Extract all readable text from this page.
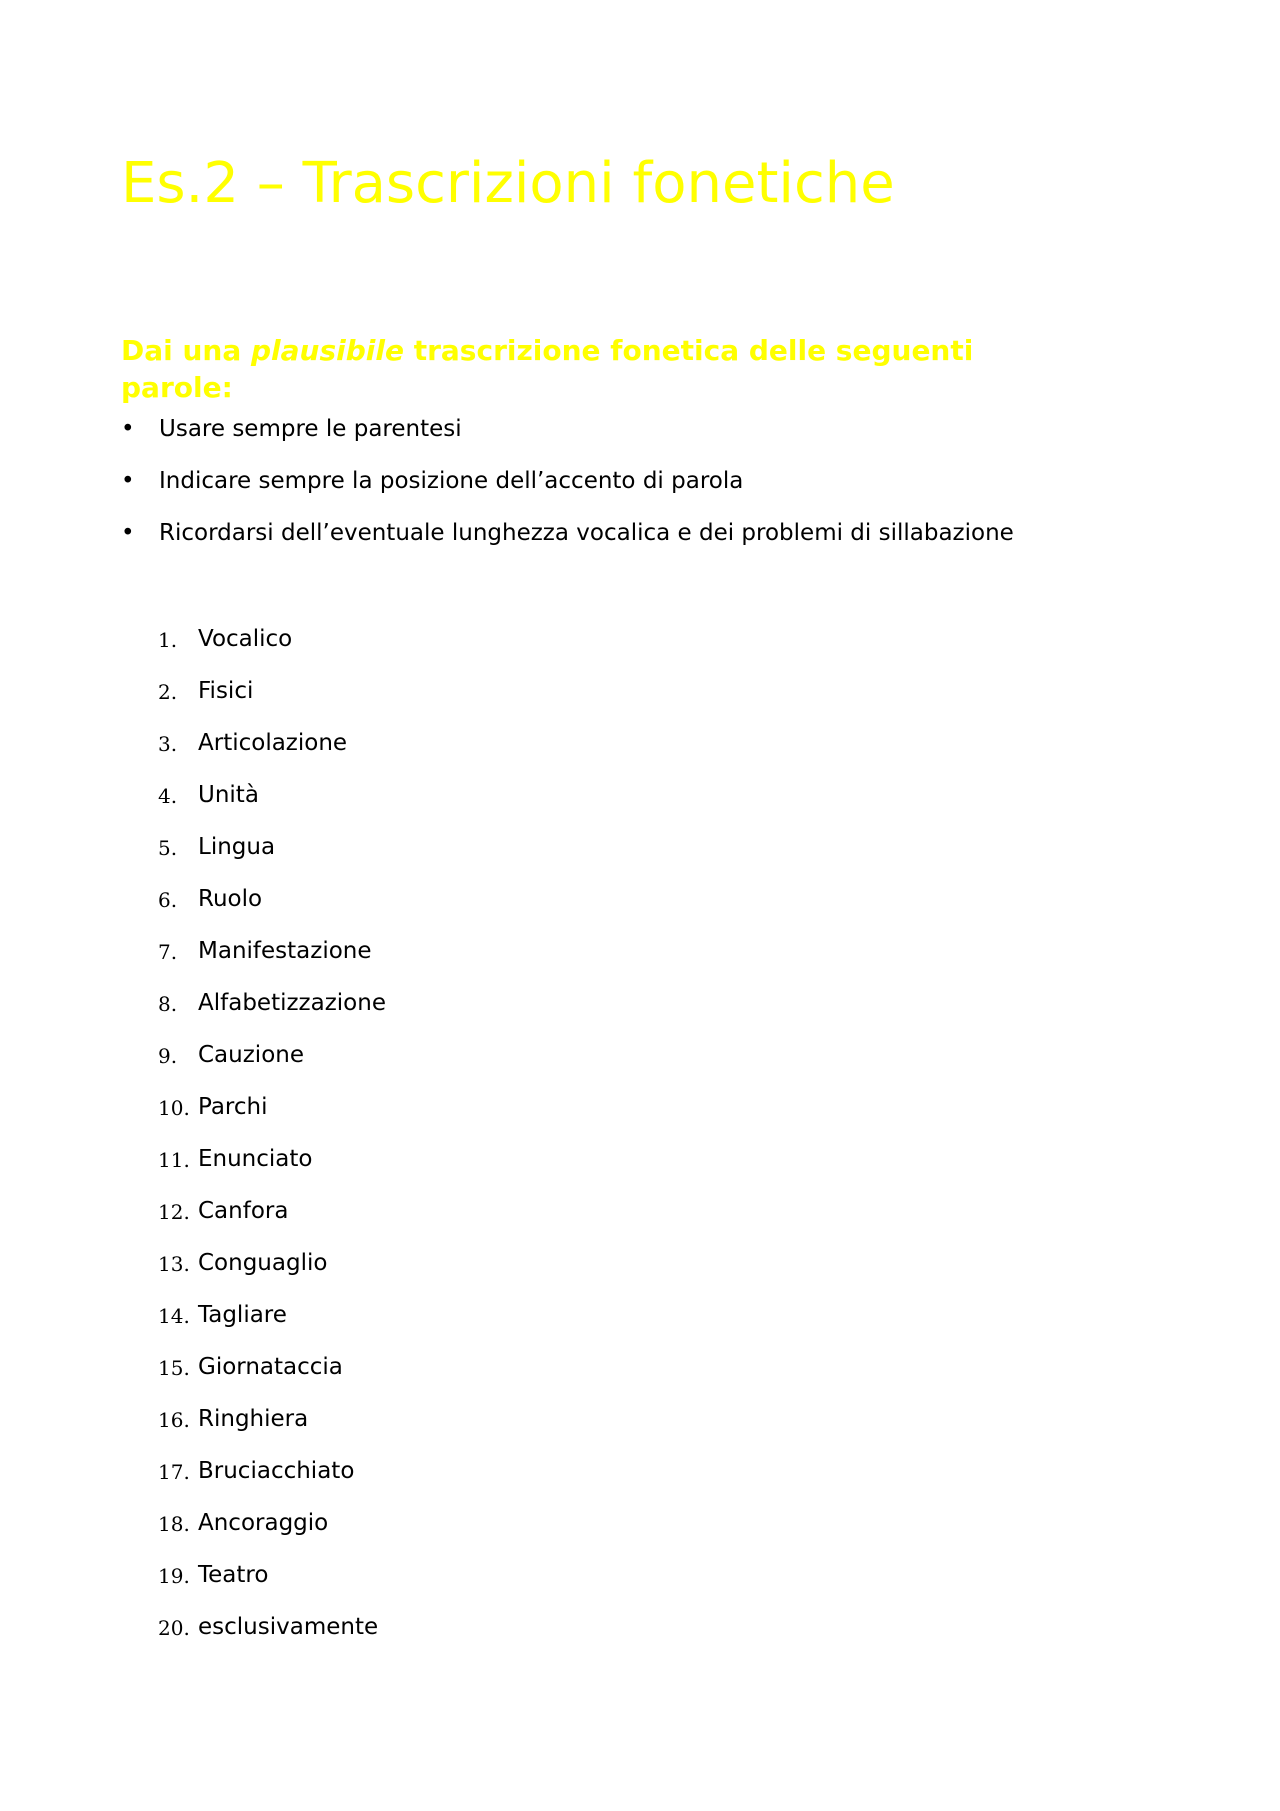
Es.2 – Trascrizioni fonetiche
Dai una plausibile trascrizione fonetica delle seguenti parole:
•	Usare sempre le parentesi
•	Indicare sempre la posizione dell’accento di parola
•	Ricordarsi dell’eventuale lunghezza vocalica e dei problemi di sillabazione
1. Vocalico
2. Fisici
3. Articolazione
4. Unità
5. Lingua
6. Ruolo
7. Manifestazione
8. Alfabetizzazione
9. Cauzione
10. Parchi
11. Enunciato
12. Canfora
13. Conguaglio
14. Tagliare
15. Giornataccia
16. Ringhiera
17. Bruciacchiato
18. Ancoraggio
19. Teatro
20. esclusivamente
